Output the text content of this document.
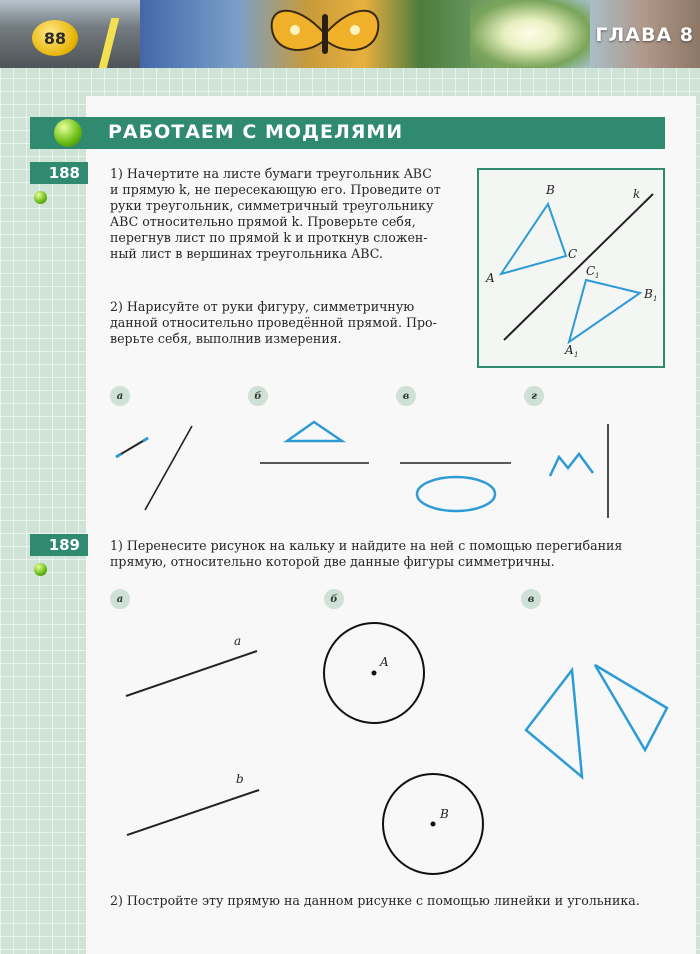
88	ГЛАВА 8
РАБОТАЕМ С МОДЕЛЯМИ
188	1) Начертите на листе бумаги треугольник ABC
и прямую k, не пересекающую его. Проведите от
руки треугольник, симметричный треугольнику
ABC относительно прямой k. Проверьте себя,
перегнув лист по прямой k и проткнув сложен-
ный лист в вершинах треугольника ABC.
2) Нарисуйте от руки фигуру, симметричную
данной относительно проведённой прямой. Про-
верьте себя, выполнив измерения.
B
C
A
k
C 1
B 1
A 1
а	б	в	г
189	1) Перенесите рисунок на кальку и найдите на ней с помощью перегибания
прямую, относительно которой две данные фигуры симметричны.
а	б	в
a
b
A
B
2) Постройте эту прямую на данном рисунке с помощью линейки и угольника.
